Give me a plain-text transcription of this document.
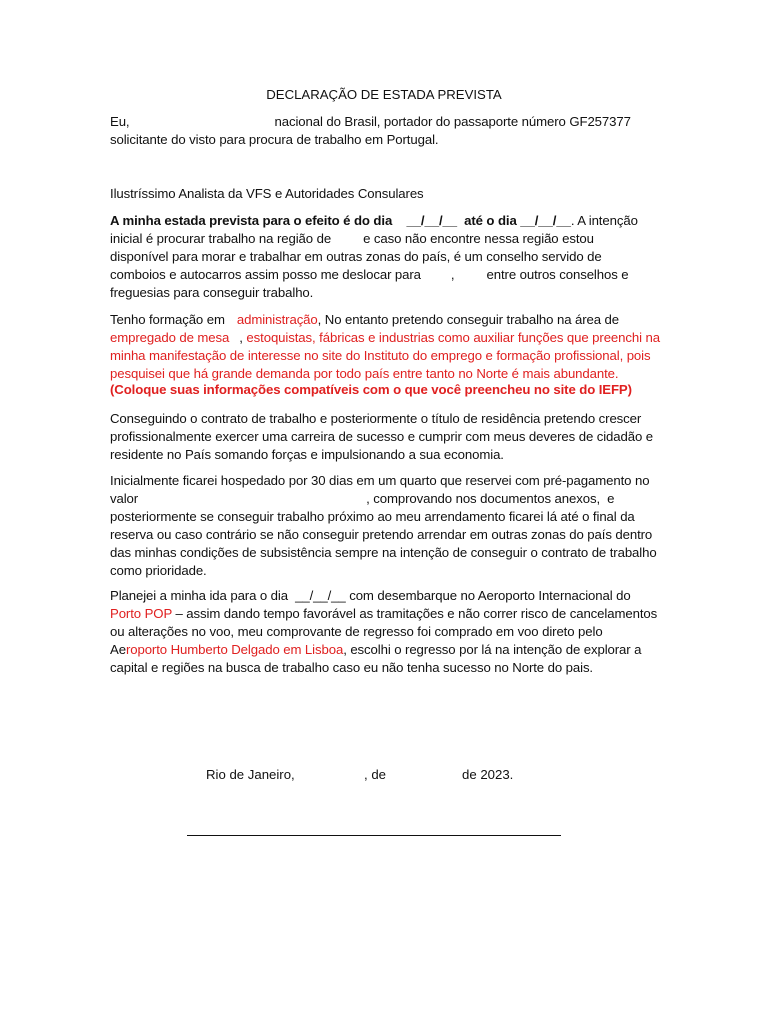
DECLARAÇÃO DE ESTADA PREVISTA
Eu,	nacional do Brasil, portador do passaporte número GF257377
solicitante do visto para procura de trabalho em Portugal.
Ilustríssimo Analista da VFS e Autoridades Consulares
A minha estada prevista para o efeito é do dia    __/__/__  até o dia __/__/__. A intenção
inicial é procurar trabalho na região de e caso não encontre nessa região estou
disponível para morar e trabalhar em outras zonas do país, é um conselho servido de
comboios e autocarros assim posso me deslocar para , entre outros conselhos e
freguesias para conseguir trabalho.
Tenho formação em administração, No entanto pretendo conseguir trabalho na área de
empregado de mesa , estoquistas, fábricas e industrias como auxiliar funções que preenchi na
minha manifestação de interesse no site do Instituto do emprego e formação profissional, pois
pesquisei que há grande demanda por todo país entre tanto no Norte é mais abundante.
(Coloque suas informações compatíveis com o que você preencheu no site do IEFP)
Conseguindo o contrato de trabalho e posteriormente o título de residência pretendo crescer
profissionalmente exercer uma carreira de sucesso e cumprir com meus deveres de cidadão e
residente no País somando forças e impulsionando a sua economia.
Inicialmente ficarei hospedado por 30 dias em um quarto que reservei com pré-pagamento no
valor	, comprovando nos documentos anexos,  e
posteriormente se conseguir trabalho próximo ao meu arrendamento ficarei lá até o final da
reserva ou caso contrário se não conseguir pretendo arrendar em outras zonas do país dentro
das minhas condições de subsistência sempre na intenção de conseguir o contrato de trabalho
como prioridade.
Planejei a minha ida para o dia  __/__/__ com desembarque no Aeroporto Internacional do
Porto POP – assim dando tempo favorável as tramitações e não correr risco de cancelamentos
ou alterações no voo, meu comprovante de regresso foi comprado em voo direto pelo
Aeroporto Humberto Delgado em Lisboa, escolhi o regresso por lá na intenção de explorar a
capital e regiões na busca de trabalho caso eu não tenha sucesso no Norte do pais.
Rio de Janeiro,	, de	de 2023.
